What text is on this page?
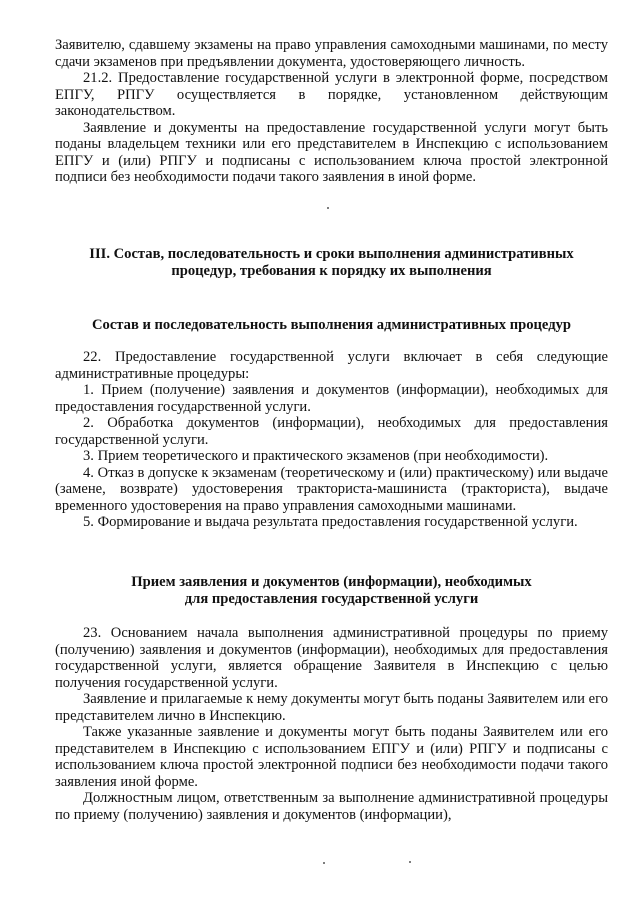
Заявителю, сдавшему экзамены на право управления самоходными машинами, по месту сдачи экзаменов при предъявлении документа, удостоверяющего личность.

21.2. Предоставление государственной услуги в электронной форме, посредством ЕПГУ, РПГУ осуществляется в порядке, установленном действующим законодательством.

Заявление и документы на предоставление государственной услуги могут быть поданы владельцем техники или его представителем в Инспекцию с использованием ЕПГУ и (или) РПГУ и подписаны с использованием ключа простой электронной подписи без необходимости подачи такого заявления в иной форме.

III. Состав, последовательность и сроки выполнения административных

процедур, требования к порядку их выполнения

Состав и последовательность выполнения административных процедур

22. Предоставление государственной услуги включает в себя следующие административные процедуры:

1. Прием (получение) заявления и документов (информации), необходимых для предоставления государственной услуги.

2. Обработка документов (информации), необходимых для предоставления государственной услуги.

3. Прием теоретического и практического экзаменов (при необходимости).

4. Отказ в допуске к экзаменам (теоретическому и (или) практическому) или выдаче (замене, возврате) удостоверения тракториста-машиниста (тракториста), выдаче временного удостоверения на право управления самоходными машинами.

5. Формирование и выдача результата предоставления государственной услуги.

Прием заявления и документов (информации), необходимых

для предоставления государственной услуги

23. Основанием начала выполнения административной процедуры по приему (получению) заявления и документов (информации), необходимых для предоставления государственной услуги, является обращение Заявителя в Инспекцию с целью получения государственной услуги.

Заявление и прилагаемые к нему документы могут быть поданы Заявителем или его представителем лично в Инспекцию.

Также указанные заявление и документы могут быть поданы Заявителем или его представителем в Инспекцию с использованием ЕПГУ и (или) РПГУ и подписаны с использованием ключа простой электронной подписи без необходимости подачи такого заявления иной форме.

Должностным лицом, ответственным за выполнение административной процедуры по приему (получению) заявления и документов (информации),
